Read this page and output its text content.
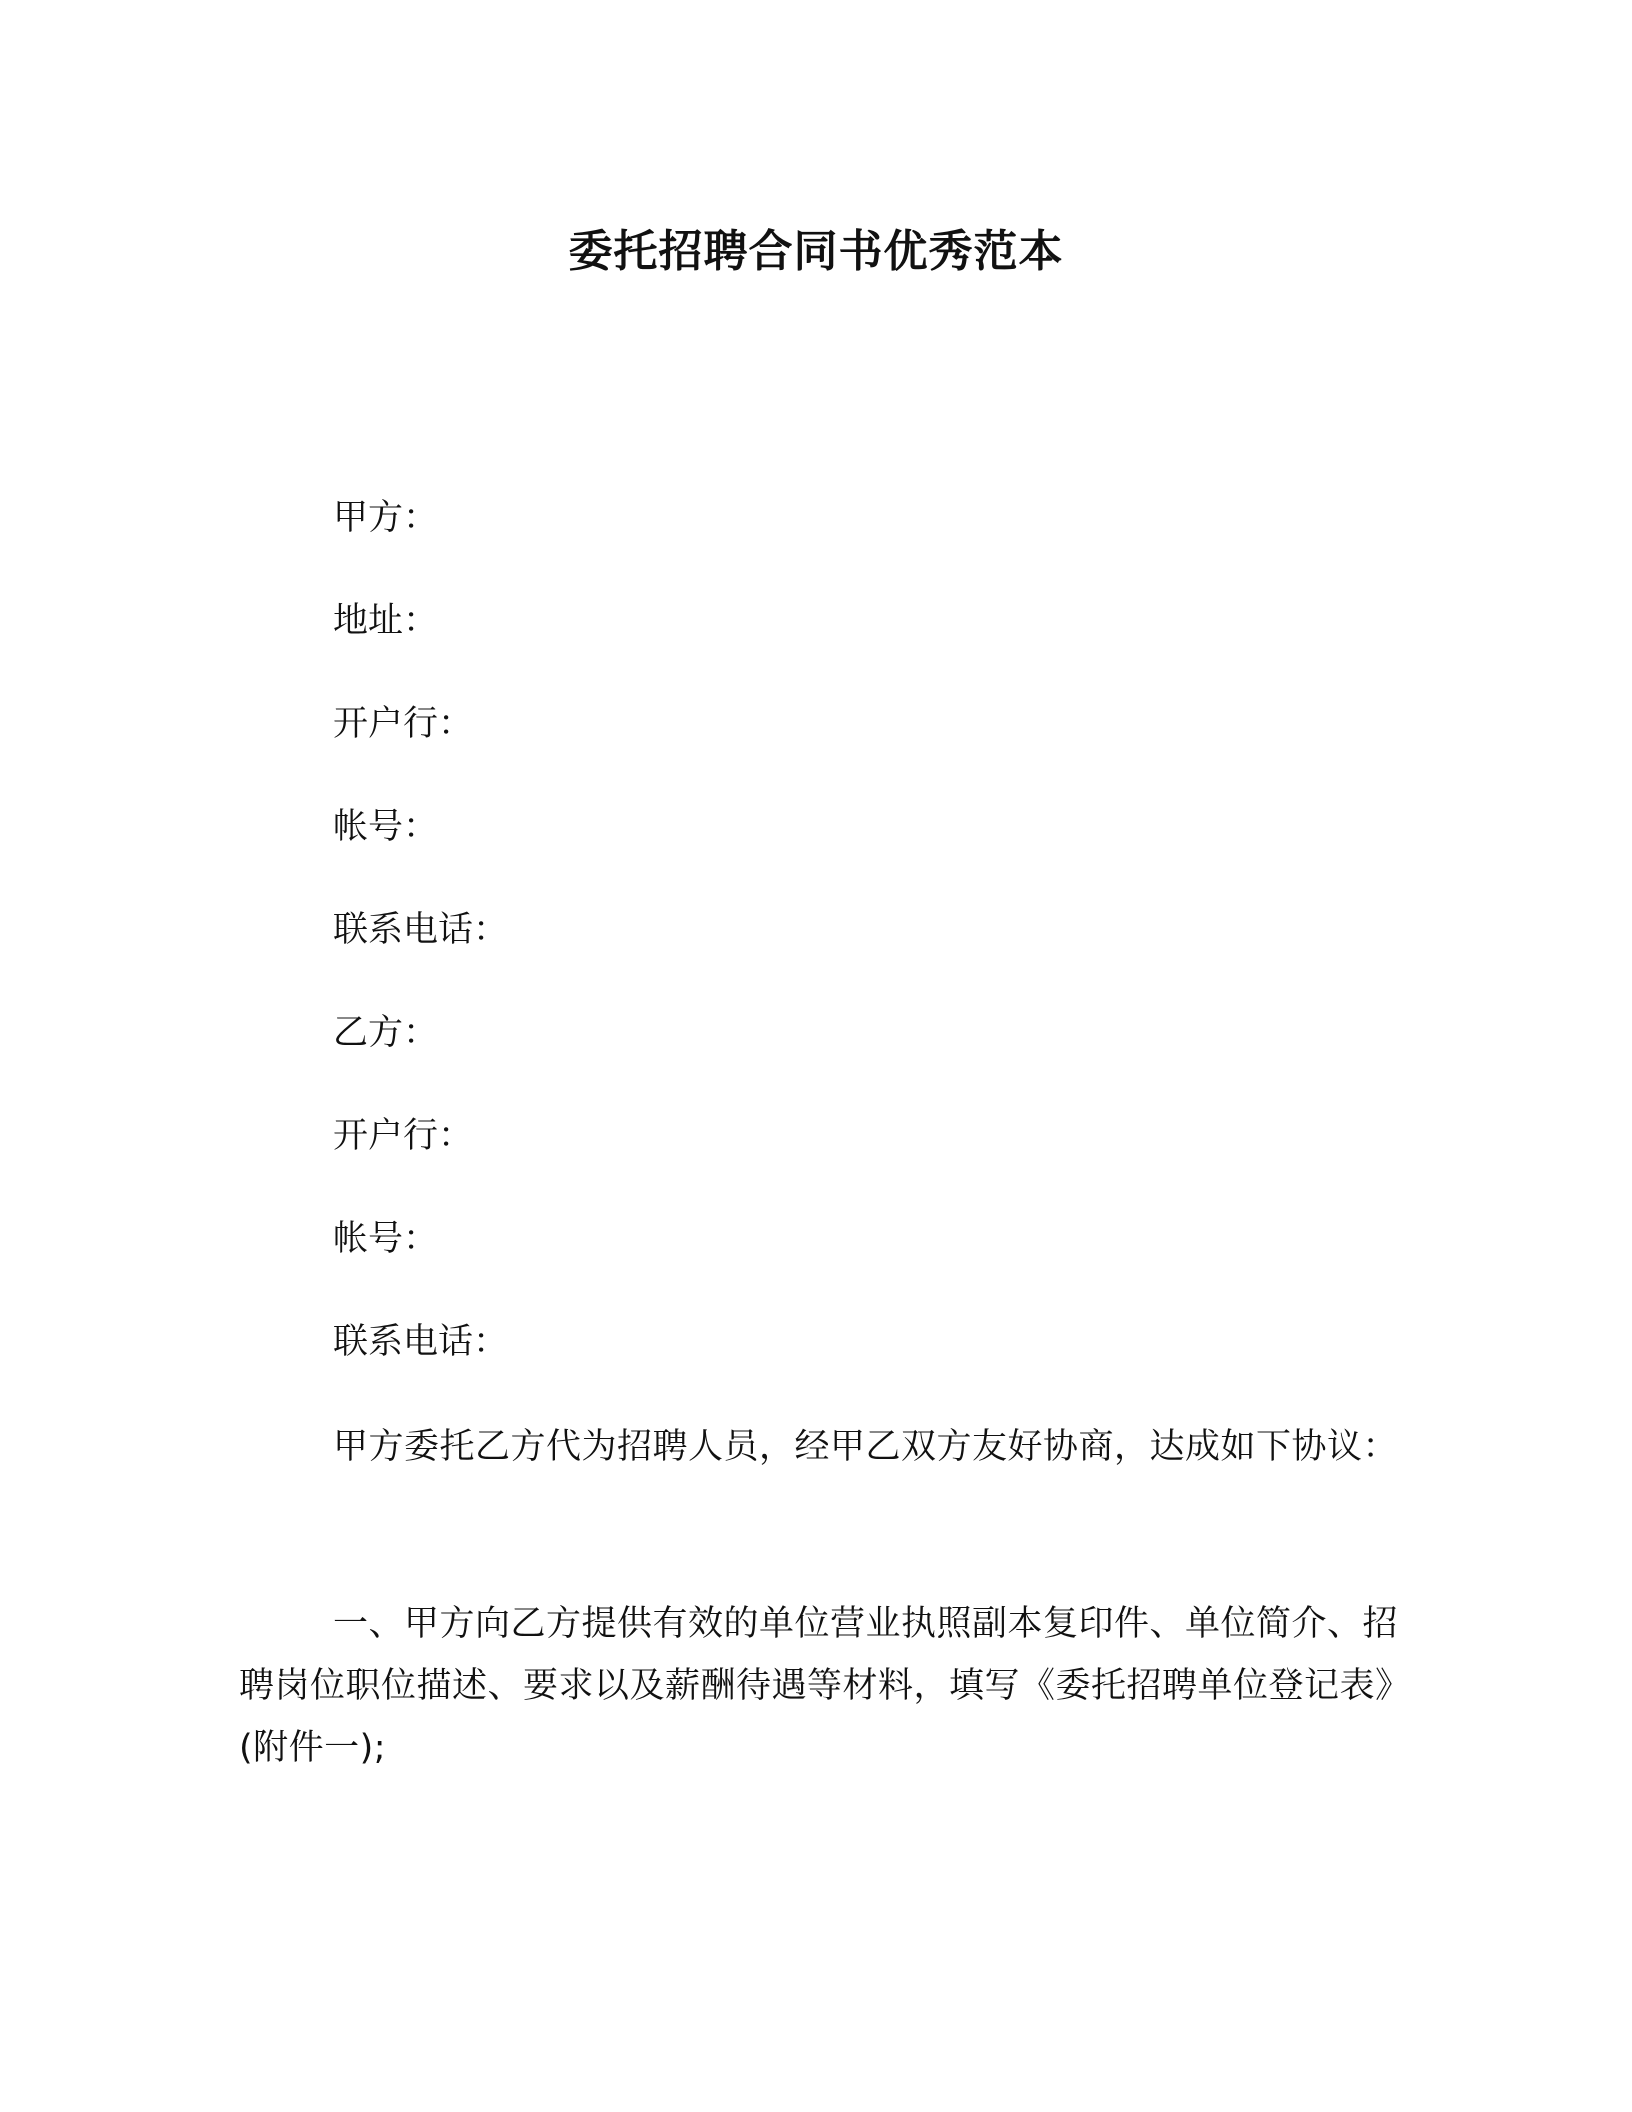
委托招聘合同书优秀范本
甲方：
地址：
开户行：
帐号：
联系电话：
乙方：
开户行：
帐号：
联系电话：
甲方委托乙方代为招聘人员，经甲乙双方友好协商，达成如下协议：
一、甲方向乙方提供有效的单位营业执照副本复印件、单位简介、招聘岗位职位描述、要求以及薪酬待遇等材料，填写《委托招聘单位登记表》(附件一);
